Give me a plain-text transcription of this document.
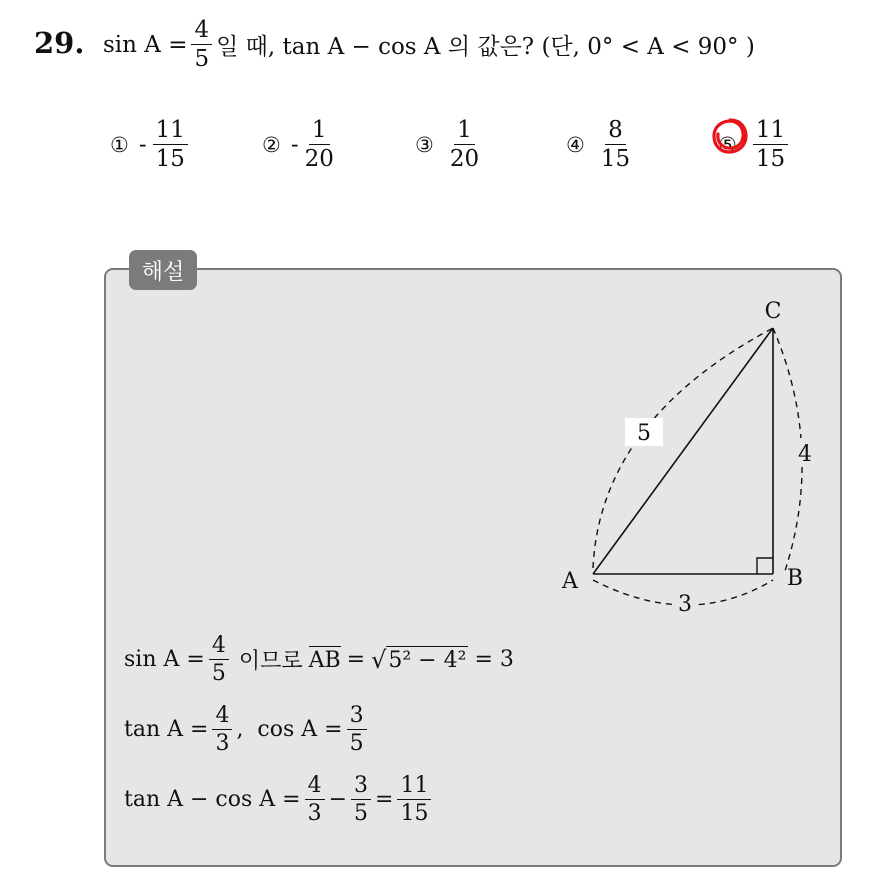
29. $\sin A = \frac{4}{5}$ 일 때, tan A − cos A 의 값은? (단, 0° < A < 90° )
① - $\frac{11}{15}$	② - $\frac{1}{20}$	③ $\frac{1}{20}$	④ $\frac{8}{15}$	⑤ $\frac{11}{15}$
해설
5
4
3
A	B
C
$\sin A = \frac{4}{5}$ 이므로 AB = √ 5² − 4² = 3
$\tan A = \frac{4}{3}$ ,  $\cos A = \frac{3}{5}$
$\tan A - \cos A = \frac{4}{3} - \frac{3}{5} = \frac{11}{15}$
